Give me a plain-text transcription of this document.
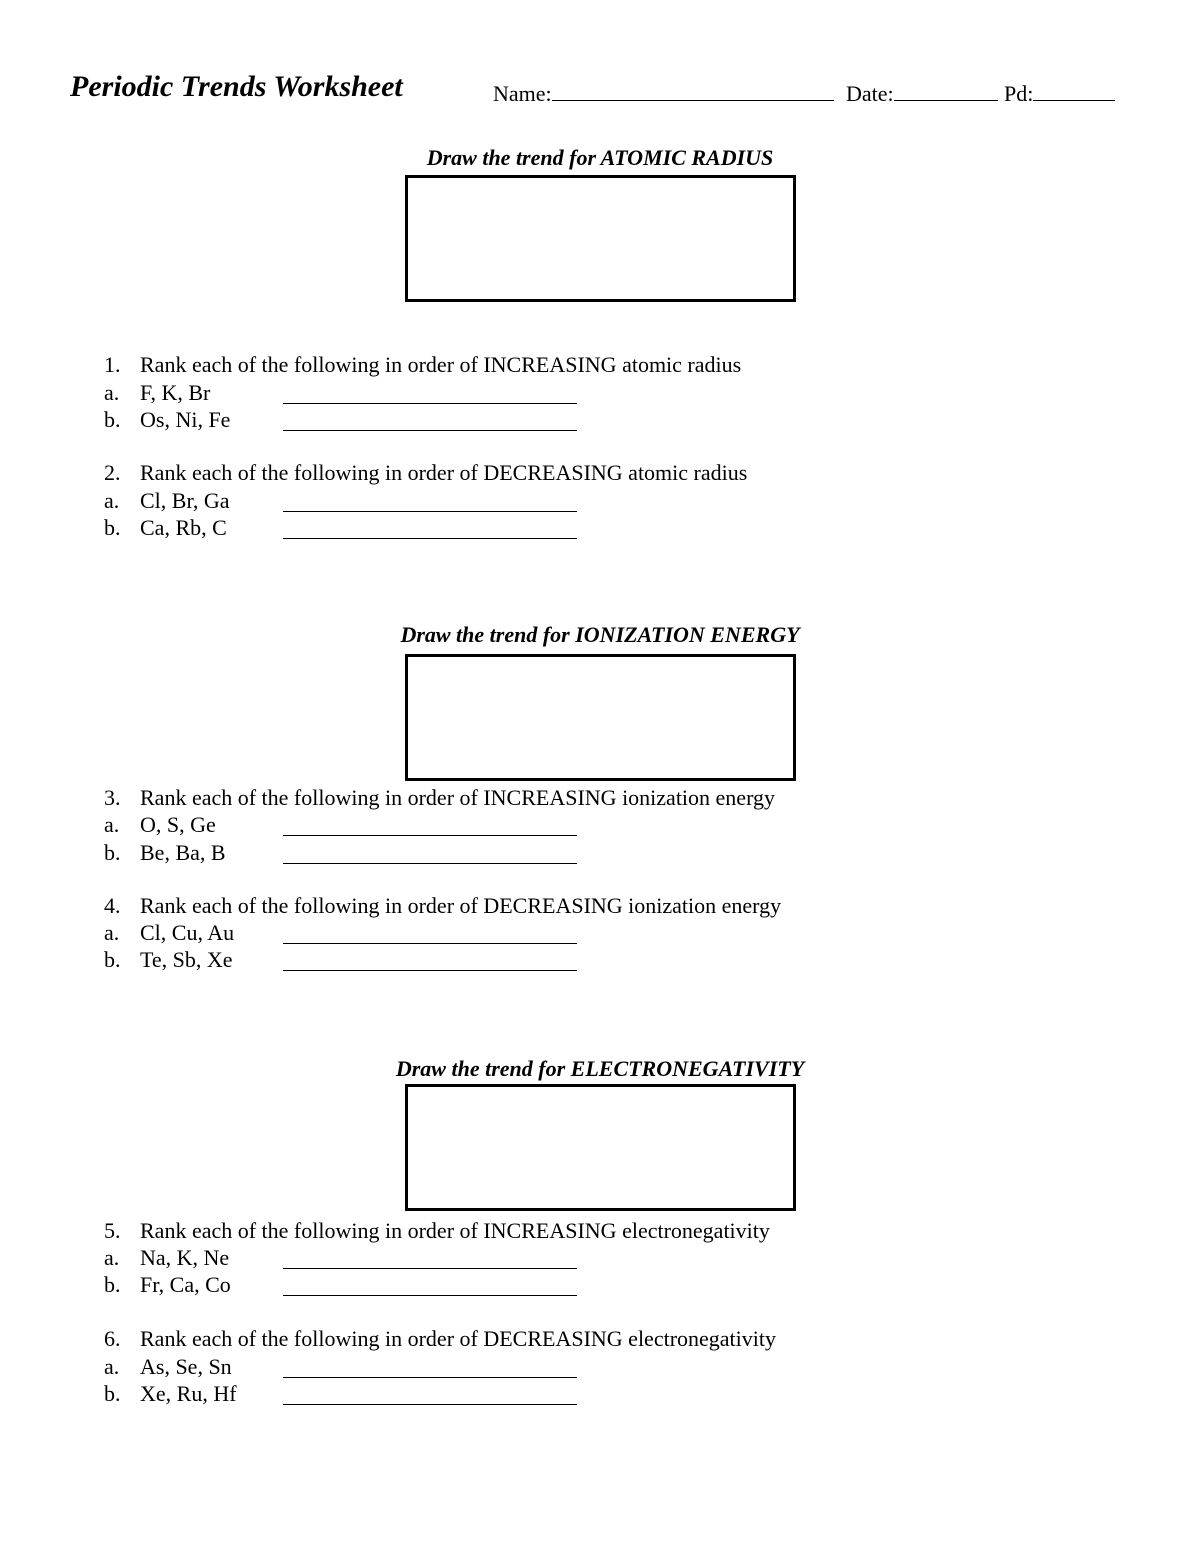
Periodic Trends Worksheet	Name:	Date:	Pd:
Draw the trend for ATOMIC RADIUS
1. Rank each of the following in order of INCREASING atomic radius
a. F, K, Br
b. Os, Ni, Fe
2. Rank each of the following in order of DECREASING atomic radius
a. Cl, Br, Ga
b. Ca, Rb, C
Draw the trend for IONIZATION ENERGY
3. Rank each of the following in order of INCREASING ionization energy
a. O, S, Ge
b. Be, Ba, B
4. Rank each of the following in order of DECREASING ionization energy
a. Cl, Cu, Au
b. Te, Sb, Xe
Draw the trend for ELECTRONEGATIVITY
5. Rank each of the following in order of INCREASING electronegativity
a. Na, K, Ne
b. Fr, Ca, Co
6. Rank each of the following in order of DECREASING electronegativity
a. As, Se, Sn
b. Xe, Ru, Hf
